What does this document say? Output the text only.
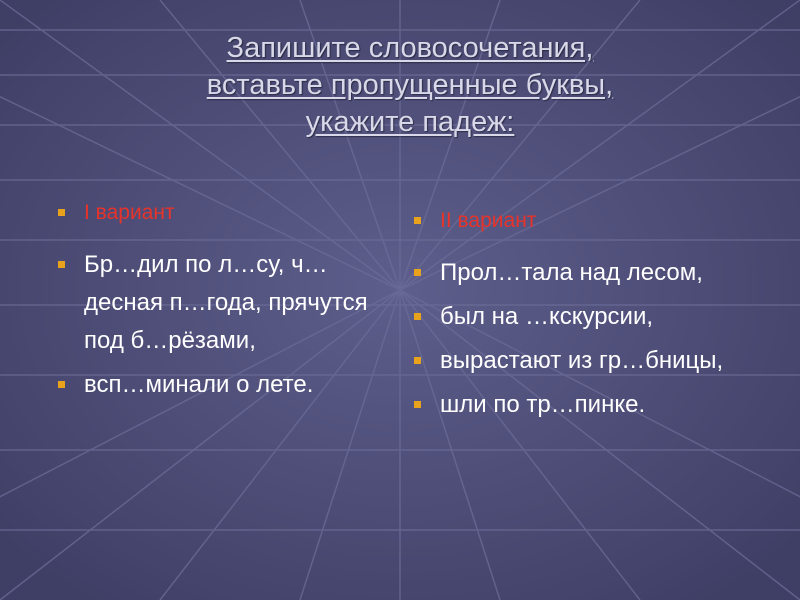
Запишите словосочетания,
вставьте пропущенные буквы,
укажите падеж:
I вариант
Бр…дил по л…су, ч…десная п…года, прячутся под б…рёзами,
всп…минали о лете.
II вариант
Прол…тала над лесом,
был на …кскурсии,
вырастают из гр…бницы,
шли по тр…пинке.
